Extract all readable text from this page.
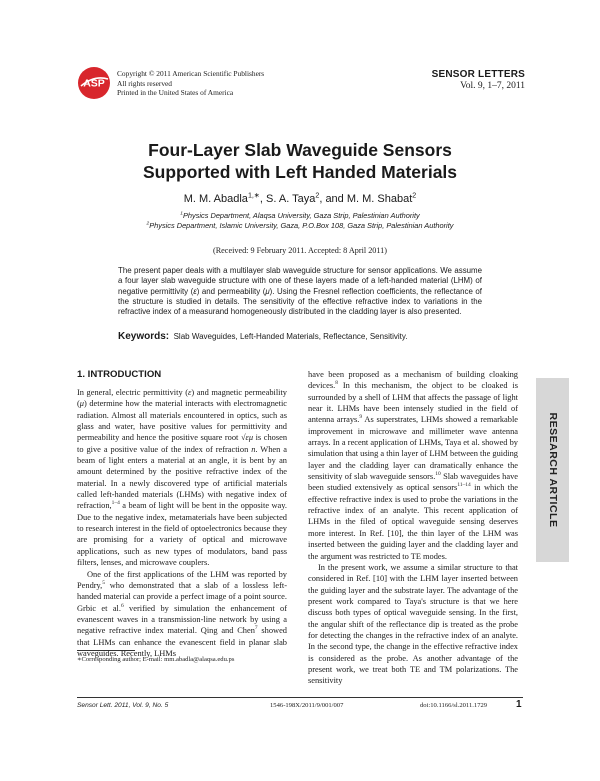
ASP
Copyright © 2011 American Scientific Publishers
All rights reserved
Printed in the United States of America
SENSOR LETTERS
Vol. 9, 1–7, 2011
Four-Layer Slab Waveguide Sensors
Supported with Left Handed Materials
M. M. Abadla$^{1,∗}$, S. A. Taya$^2$, and M. M. Shabat$^2$
$^1$Physics Department, Alaqsa University, Gaza Strip, Palestinian Authority
$^2$Physics Department, Islamic University, Gaza, P.O.Box 108, Gaza Strip, Palestinian Authority
(Received: 9 February 2011. Accepted: 8 April 2011)
The present paper deals with a multilayer slab waveguide structure for sensor applications. We assume a four layer slab waveguide structure with one of these layers made of a left-handed material (LHM) of negative permittivity (ε) and permeability (μ). Using the Fresnel reflection coefficients, the reflectance of the structure is studied in details. The sensitivity of the effective refractive index to variations in the refractive index of a measurand homogeneously distributed in the cladding layer is also presented.
Keywords: Slab Waveguides, Left-Handed Materials, Reflectance, Sensitivity.
1. INTRODUCTION

In general, electric permittivity (ε) and magnetic permeability (μ) determine how the material interacts with electromagnetic radiation. Almost all materials encountered in optics, such as glass and water, have positive values for permittivity and permeability and hence the positive square root √εμ is chosen to give a positive value of the index of refraction n. When a beam of light enters a material at an angle, it is bent by an amount determined by the positive refractive index of the material. In a newly discovered type of artificial materials called left-handed materials (LHMs) with negative index of refraction,$^{1-4}$ a beam of light will be bent in the opposite way. Due to the negative index, metamaterials have been subjected to research interest in the field of optoelectronics because they are promising for a variety of optical and microwave applications, such as new types of modulators, band pass filters, lenses, and microwave couplers.

One of the first applications of the LHM was reported by Pendry,$^5$ who demonstrated that a slab of a lossless left-handed material can provide a perfect image of a point source. Grbic et al.$^6$ verified by simulation the enhancement of evanescent waves in a transmission-line network by using a negative refractive index material. Qing and Chen$^7$ showed that LHMs can enhance the evanescent field in planar slab waveguides. Recently, LHMs

have been proposed as a mechanism of building cloaking devices.$^8$ In this mechanism, the object to be cloaked is surrounded by a shell of LHM that affects the passage of light near it. LHMs have been intensely studied in the field of antenna arrays.$^9$ As superstrates, LHMs showed a remarkable improvement in microwave and millimeter wave antenna arrays. In a recent application of LHMs, Taya et al. showed by simulation that using a thin layer of LHM between the guiding layer and the cladding layer can dramatically enhance the sensitivity of slab waveguide sensors.$^{10}$ Slab waveguides have been studied extensively as optical sensors$^{11-14}$ in which the effective refractive index is used to probe the variations in the refractive index of an analyte. This recent application of LHMs in the filed of optical waveguide sensing deserves more interest. In Ref. [10], the thin layer of the LHM was inserted between the guiding layer and the cladding layer and the argument was restricted to TE modes.

In the present work, we assume a similar structure to that considered in Ref. [10] with the LHM layer inserted between the guiding layer and the substrate layer. The advantage of the present work compared to Taya's structure is that we here discuss both types of optical waveguide sensing. In the first, the angular shift of the reflectance dip is treated as the probe for detecting the changes in the refractive index of an analyte. In the second type, the change in the effective refractive index is considered as the probe. As another advantage of the present work, we treat both TE and TM polarizations. The sensitivity

RESEARCH ARTICLE
∗Corresponding author; E-mail: mm.abadla@alaqsa.edu.ps
Sensor Lett. 2011, Vol. 9, No. 5	1546-198X/2011/9/001/007	doi:10.1166/sl.2011.1729	1
